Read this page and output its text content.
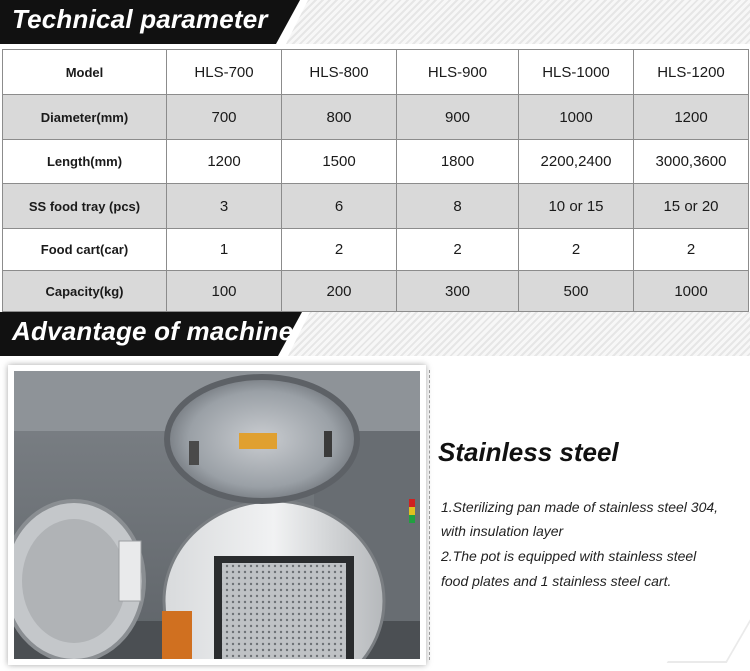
Technical parameter
Model	HLS-700	HLS-800	HLS-900	HLS-1000	HLS-1200
Diameter(mm)	700	800	900	1000	1200
Length(mm)	1200	1500	1800	2200,2400	3000,3600
SS food tray (pcs)	3	6	8	10 or 15	15 or 20
Food cart(car)	1	2	2	2	2
Capacity(kg)	100	200	300	500	1000
Advantage of machine
Stainless steel
1.Sterilizing pan made of stainless steel 304,
with insulation layer
2.The pot is equipped with stainless steel
food plates and 1 stainless steel cart.
